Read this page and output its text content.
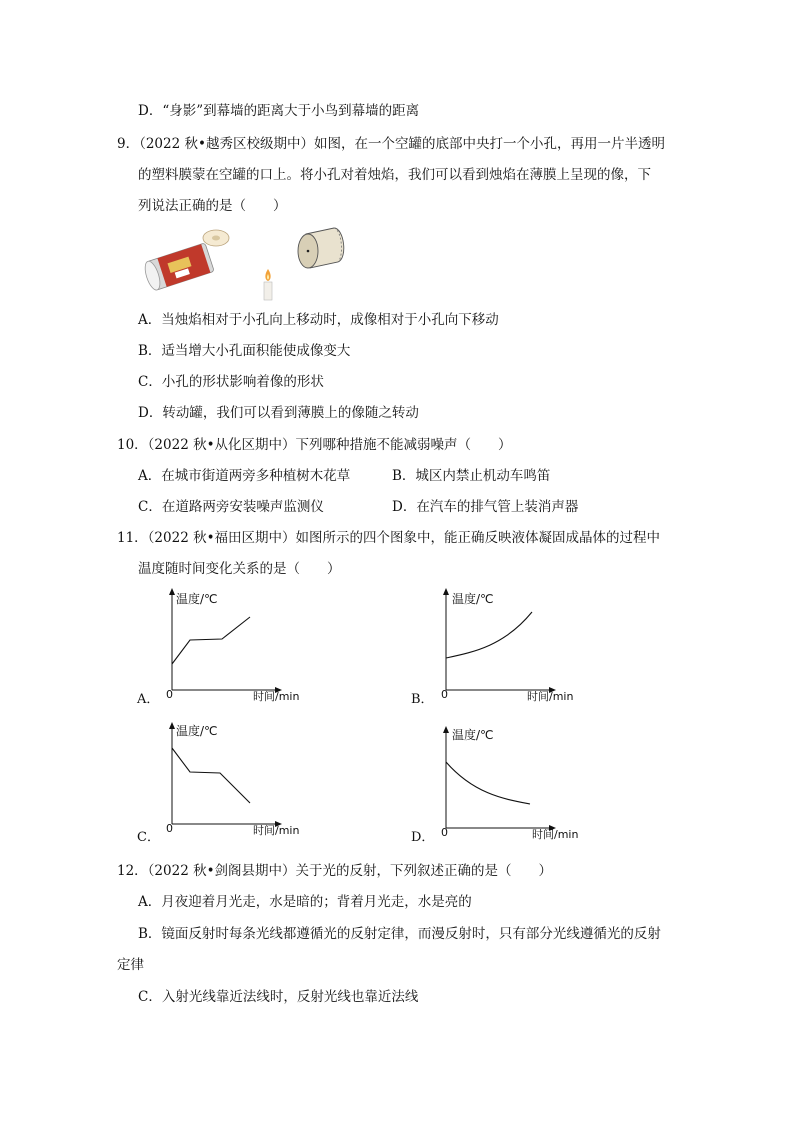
D．“身影”到幕墙的距离大于小鸟到幕墙的距离
9．（2022 秋•越秀区校级期中）如图，在一个空罐的底部中央打一个小孔，再用一片半透明
的塑料膜蒙在空罐的口上。将小孔对着烛焰，我们可以看到烛焰在薄膜上呈现的像，下
列说法正确的是（　　）
A．当烛焰相对于小孔向上移动时，成像相对于小孔向下移动
B．适当增大小孔面积能使成像变大
C．小孔的形状影响着像的形状
D．转动罐，我们可以看到薄膜上的像随之转动
10．（2022 秋•从化区期中）下列哪种措施不能减弱噪声（　　）
A．在城市街道两旁多种植树木花草	B．城区内禁止机动车鸣笛
C．在道路两旁安装噪声监测仪	D．在汽车的排气管上装消声器
11．（2022 秋•福田区期中）如图所示的四个图象中，能正确反映液体凝固成晶体的过程中
温度随时间变化关系的是（　　）
温度/℃
0	时间/min
A．
温度/℃
0	时间/min
B．
温度/℃
0	时间/min
C．
温度/℃
0	时间/min
D．
12．（2022 秋•剑阁县期中）关于光的反射，下列叙述正确的是（　　）
A．月夜迎着月光走，水是暗的；背着月光走，水是亮的
B．镜面反射时每条光线都遵循光的反射定律，而漫反射时，只有部分光线遵循光的反射
定律
C．入射光线靠近法线时，反射光线也靠近法线
